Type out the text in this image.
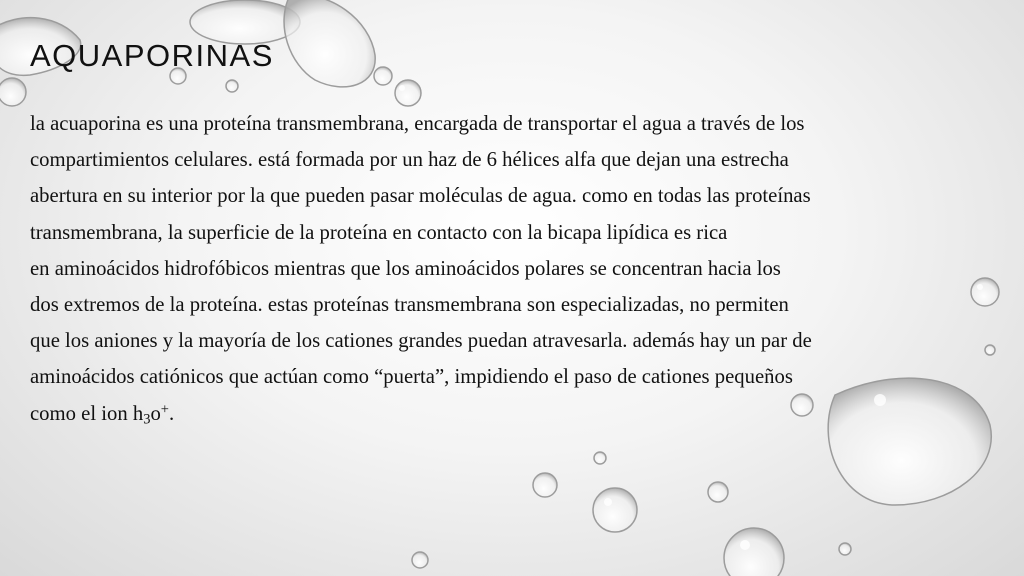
AQUAPORINAS
la acuaporina es una proteína transmembrana, encargada de transportar el agua a través de los
compartimientos celulares. está formada por un haz de 6 hélices alfa que dejan una estrecha
abertura en su interior por la que pueden pasar moléculas de agua. como en todas las proteínas
transmembrana, la superficie de la proteína en contacto con la bicapa lipídica es rica
en aminoácidos hidrofóbicos mientras que los aminoácidos polares se concentran hacia los
dos extremos de la proteína. estas proteínas transmembrana son especializadas, no permiten
que los aniones y la mayoría de los cationes grandes puedan atravesarla. además hay un par de
aminoácidos catiónicos que actúan como “puerta”, impidiendo el paso de cationes pequeños
como el ion $h_3o^+$.
